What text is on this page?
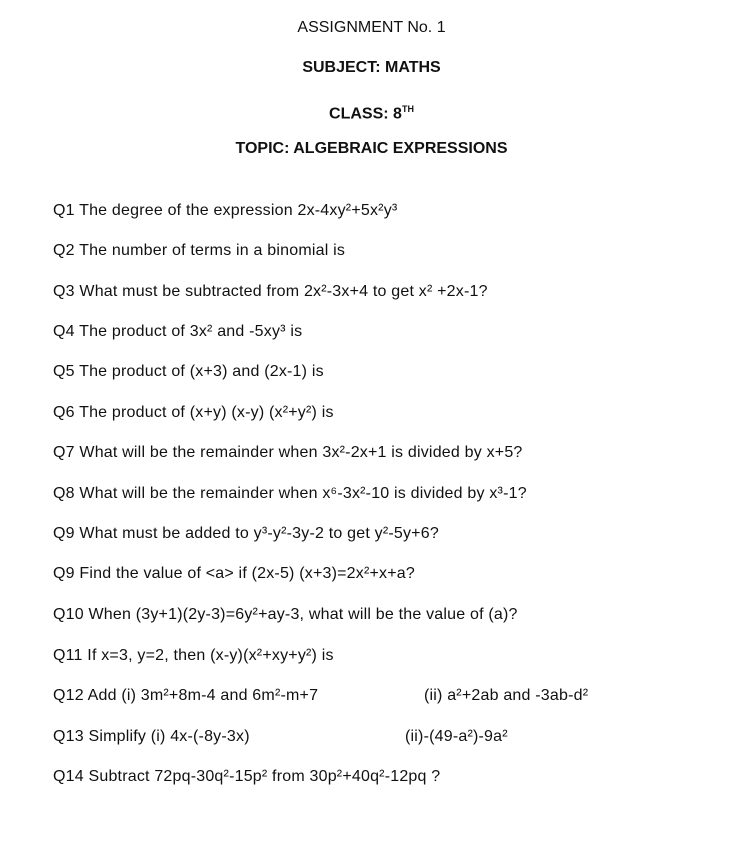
ASSIGNMENT No. 1
SUBJECT: MATHS
CLASS: 8TH
TOPIC: ALGEBRAIC EXPRESSIONS
Q1 The degree of the expression 2x-4xy²+5x²y³
Q2 The number of terms in a binomial is
Q3 What must be subtracted from 2x²-3x+4 to get x² +2x-1?
Q4 The product of 3x² and -5xy³ is
Q5 The product of (x+3) and (2x-1) is
Q6 The product of (x+y) (x-y) (x²+y²) is
Q7 What will be the remainder when 3x²-2x+1 is divided by x+5?
Q8 What will be the remainder when x⁶-3x²-10 is divided by x³-1?
Q9 What must be added to y³-y²-3y-2 to get y²-5y+6?
Q9 Find the value of <a> if (2x-5) (x+3)=2x²+x+a?
Q10 When (3y+1)(2y-3)=6y²+ay-3, what will be the value of (a)?
Q11 If x=3, y=2, then (x-y)(x²+xy+y²) is
Q12 Add (i) 3m²+8m-4 and 6m²-m+7	(ii) a²+2ab and -3ab-d²
Q13 Simplify (i) 4x-(-8y-3x)	(ii)-(49-a²)-9a²
Q14 Subtract 72pq-30q²-15p² from 30p²+40q²-12pq ?
